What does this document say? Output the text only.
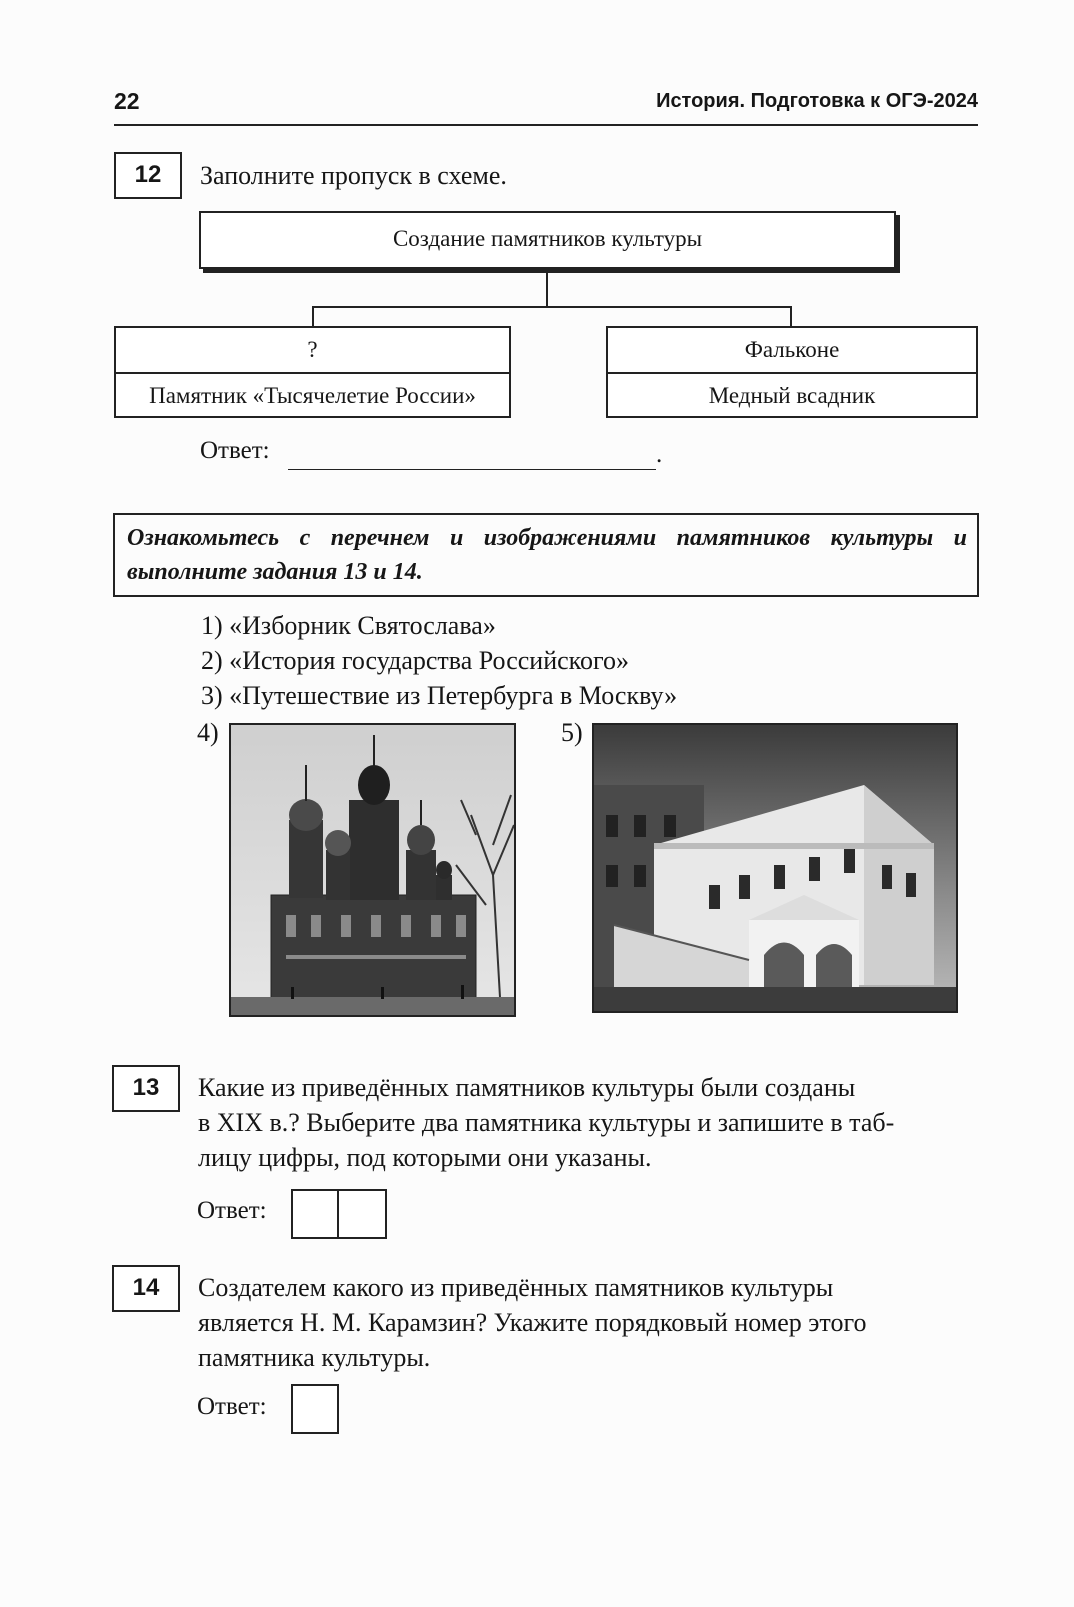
22	История. Подготовка к ОГЭ-2024
12	Заполните пропуск в схеме.
Создание памятников культуры
?
Памятник «Тысячелетие России»
Фальконе
Медный всадник
Ответ:	.
Ознакомьтесь с перечнем и изображениями памятников культуры и выполните задания 13 и 14.
1) «Изборник Святослава»
2) «История государства Российского»
3) «Путешествие из Петербурга в Москву»
4)	5)
13	Какие из приведённых памятников культуры были созданы
в XIX в.? Выберите два памятника культуры и запишите в таб-
лицу цифры, под которыми они указаны.
Ответ:
14	Создателем какого из приведённых памятников культуры
является Н. М. Карамзин? Укажите порядковый номер этого
памятника культуры.
Ответ:
